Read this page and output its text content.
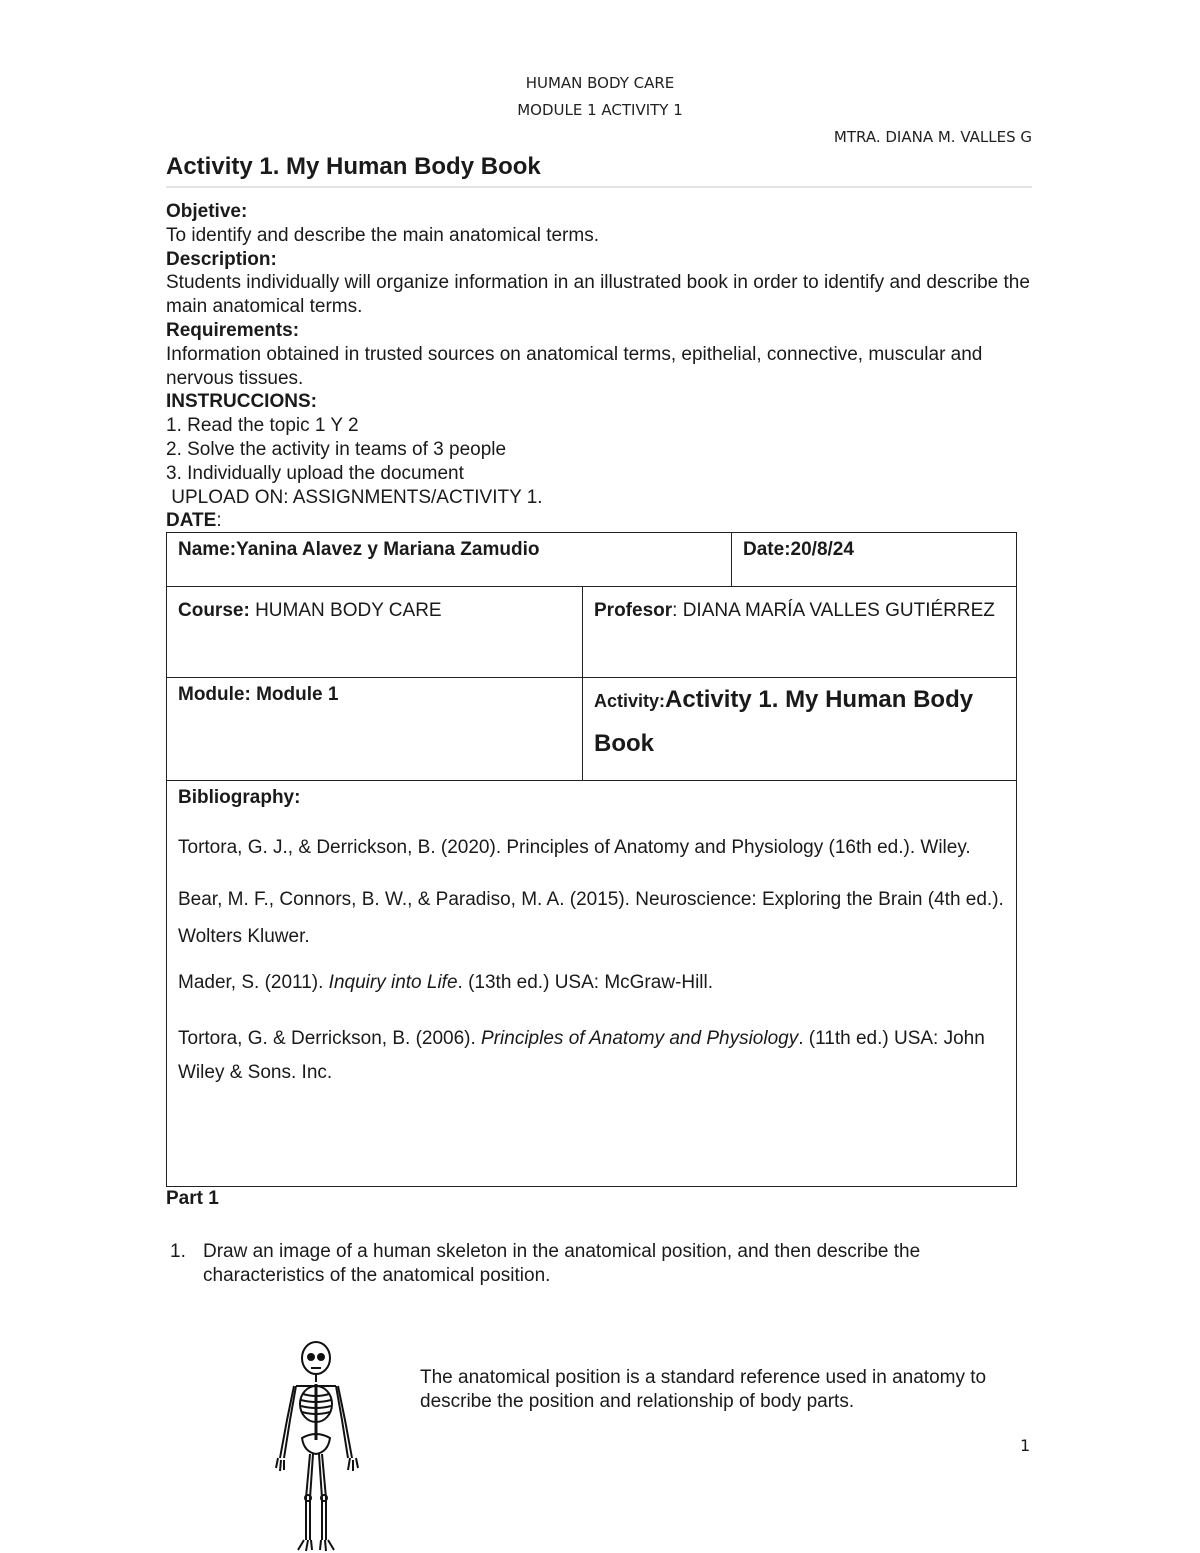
HUMAN BODY CARE
MODULE 1 ACTIVITY 1
MTRA. DIANA M. VALLES G
Activity 1. My Human Body Book
Objetive:
To identify and describe the main anatomical terms.
Description:
Students individually will organize information in an illustrated book in order to identify and describe the main anatomical terms.
Requirements:
Information obtained in trusted sources on anatomical terms, epithelial, connective, muscular and nervous tissues.
INSTRUCCIONS:
1. Read the topic 1 Y 2
2. Solve the activity in teams of 3 people
3. Individually upload the document
UPLOAD ON: ASSIGNMENTS/ACTIVITY 1.
DATE:
Name:Yanina Alavez y Mariana Zamudio		Date:20/8/24
Course: HUMAN BODY CARE	Profesor: DIANA MARÍA VALLES GUTIÉRREZ	
Module: Module 1	Activity:Activity 1. My Human Body Book	

Bibliography:

Tortora, G. J., & Derrickson, B. (2020). Principles of Anatomy and Physiology (16th ed.). Wiley.

Bear, M. F., Connors, B. W., & Paradiso, M. A. (2015). Neuroscience: Exploring the Brain (4th ed.). Wolters Kluwer.

Mader, S. (2011). Inquiry into Life. (13th ed.) USA: McGraw-Hill.

Tortora, G. & Derrickson, B. (2006). Principles of Anatomy and Physiology. (11th ed.) USA: John Wiley & Sons. Inc.		

Part 1
1. Draw an image of a human skeleton in the anatomical position, and then describe the characteristics of the anatomical position.
The anatomical position is a standard reference used in anatomy to describe the position and relationship of body parts.
1
